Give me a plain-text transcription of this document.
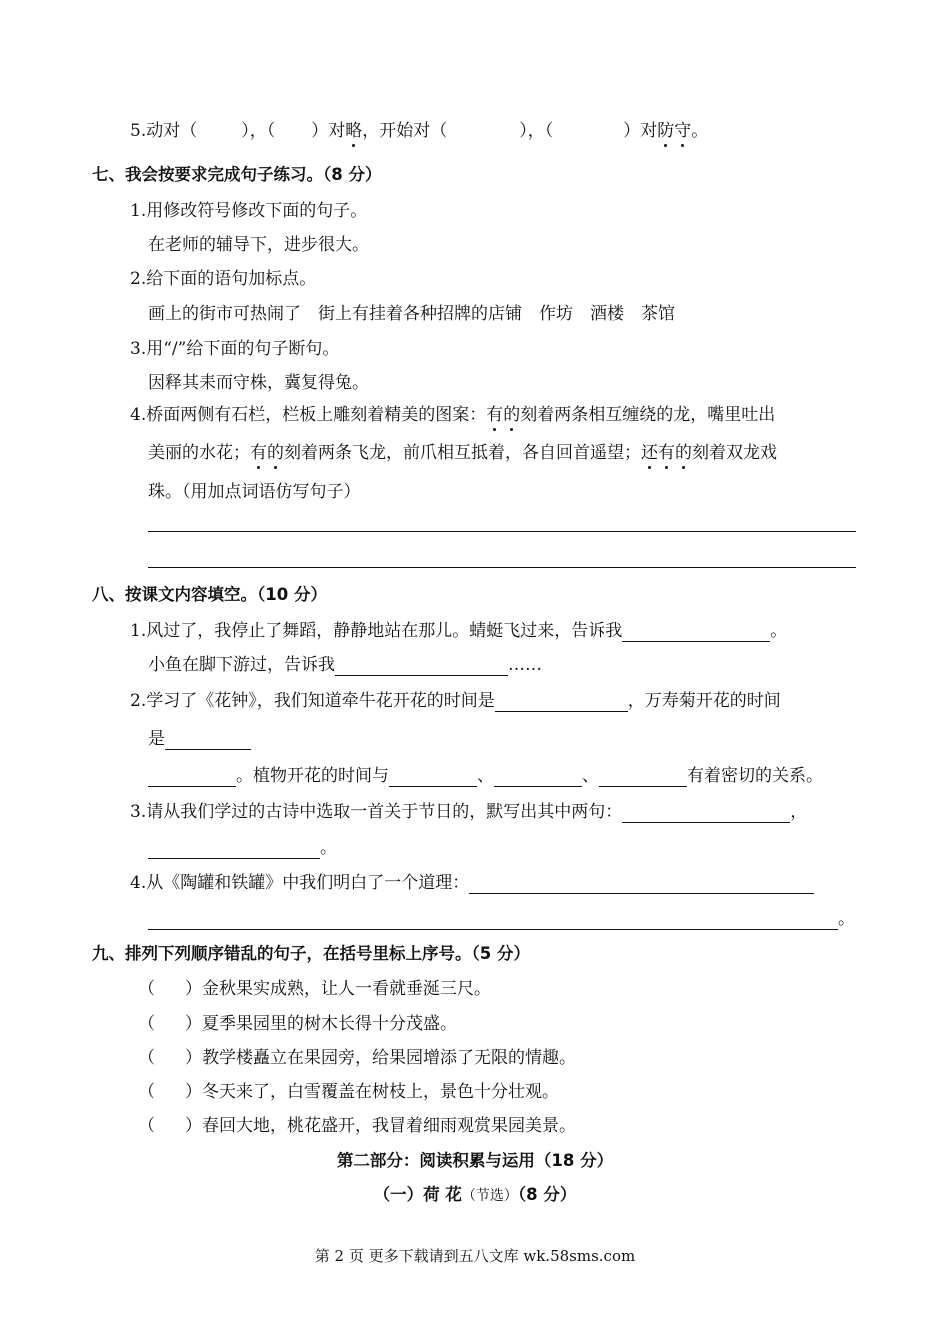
5.动对（	），（ ）对略，开始对（	），（	）对防守。
七、我会按要求完成句子练习。（8 分）
1.用修改符号修改下面的句子。
在老师的辅导下，进步很大。
2.给下面的语句加标点。
画上的街市可热闹了　街上有挂着各种招牌的店铺　作坊　酒楼　茶馆
3.用“/”给下面的句子断句。
因释其耒而守株，冀复得兔。
4.桥面两侧有石栏，栏板上雕刻着精美的图案：有的刻着两条相互缠绕的龙，嘴里吐出
美丽的水花；有的刻着两条飞龙，前爪相互抵着，各自回首遥望；还有的刻着双龙戏
珠。（用加点词语仿写句子）
八、按课文内容填空。（10 分）
1.风过了，我停止了舞蹈，静静地站在那儿。蜻蜓飞过来，告诉我	。
小鱼在脚下游过，告诉我	……
2.学习了《花钟》，我们知道牵牛花开花的时间是	，万寿菊开花的时间
是
。植物开花的时间与	、	、	有着密切的关系。
3.请从我们学过的古诗中选取一首关于节日的，默写出其中两句：	，
。
4.从《陶罐和铁罐》中我们明白了一个道理：
。
九、排列下列顺序错乱的句子，在括号里标上序号。（5 分）
（ ）金秋果实成熟，让人一看就垂涎三尺。
（ ）夏季果园里的树木长得十分茂盛。
（ ）教学楼矗立在果园旁，给果园增添了无限的情趣。
（ ）冬天来了，白雪覆盖在树枝上，景色十分壮观。
（ ）春回大地，桃花盛开，我冒着细雨观赏果园美景。
第二部分：阅读积累与运用（18 分）
（一）荷 花（节选）（8 分）
第 2 页 更多下载请到五八文库 wk.58sms.com
